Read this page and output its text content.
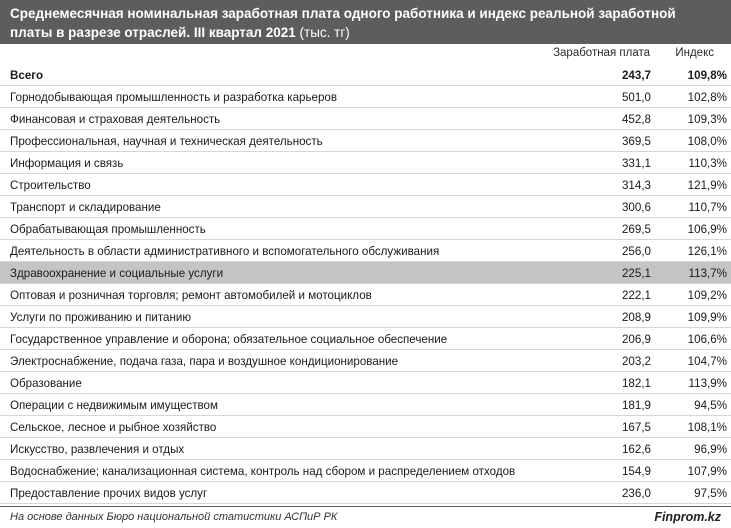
Среднемесячная номинальная заработная плата одного работника и индекс реальной заработной платы в разрезе отраслей. III квартал 2021 (тыс. тг)
Заработная плата Индекс
Всего	243,7	109,8%
Горнодобывающая промышленность и разработка карьеров	501,0	102,8%
Финансовая и страховая деятельность	452,8	109,3%
Профессиональная, научная и техническая деятельность	369,5	108,0%
Информация и связь	331,1	110,3%
Строительство	314,3	121,9%
Транспорт и складирование	300,6	110,7%
Обрабатывающая промышленность	269,5	106,9%
Деятельность в области административного и вспомогательного обслуживания	256,0	126,1%
Здравоохранение и социальные услуги	225,1	113,7%
Оптовая и розничная торговля; ремонт автомобилей и мотоциклов	222,1	109,2%
Услуги по проживанию и питанию	208,9	109,9%
Государственное управление и оборона; обязательное социальное обеспечение	206,9	106,6%
Электроснабжение, подача газа, пара и воздушное кондиционирование	203,2	104,7%
Образование	182,1	113,9%
Операции с недвижимым имуществом	181,9	94,5%
Сельское, лесное и рыбное хозяйство	167,5	108,1%
Искусство, развлечения и отдых	162,6	96,9%
Водоснабжение; канализационная система, контроль над сбором и распределением отходов	154,9	107,9%
Предоставление прочих видов услуг	236,0	97,5%
На основе данных Бюро национальной статистики АСПиР РК	Finprom.kz
